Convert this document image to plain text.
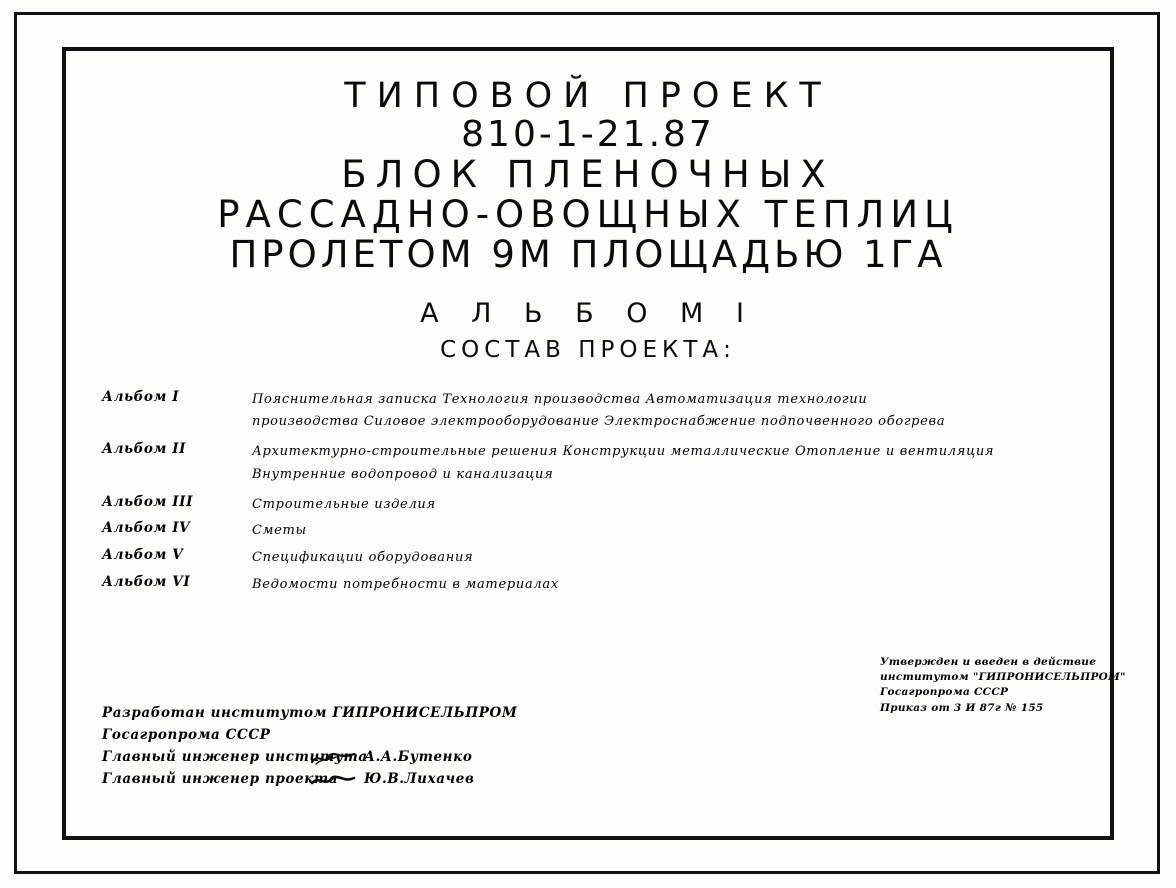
ТИПОВОЙ ПРОЕКТ
810-1-21.87
БЛОК ПЛЕНОЧНЫХ
РАССАДНО-ОВОЩНЫХ ТЕПЛИЦ
ПРОЛЕТОМ 9М ПЛОЩАДЬЮ 1ГА
А Л Ь Б О М I
СОСТАВ ПРОЕКТА:
Альбом I	Пояснительная записка Технология производства Автоматизация технологии
производства Силовое электрооборудование Электроснабжение подпочвенного обогрева
Альбом II	Архитектурно-строительные решения Конструкции металлические Отопление и вентиляция
Внутренние водопровод и канализация
Альбом III	Строительные изделия
Альбом IV	Сметы
Альбом V	Спецификации оборудования
Альбом VI	Ведомости потребности в материалах
Утвержден и введен в действие
институтом "ГИПРОНИСЕЛЬПРОМ"
Госагропрома СССР
Приказ от 3 И 87г № 155
Разработан институтом ГИПРОНИСЕЛЬПРОМ
Госагропрома СССР
Главный инженер института
А.А.Бутенко
Главный инженер проекта Ю.В.Лихачев
